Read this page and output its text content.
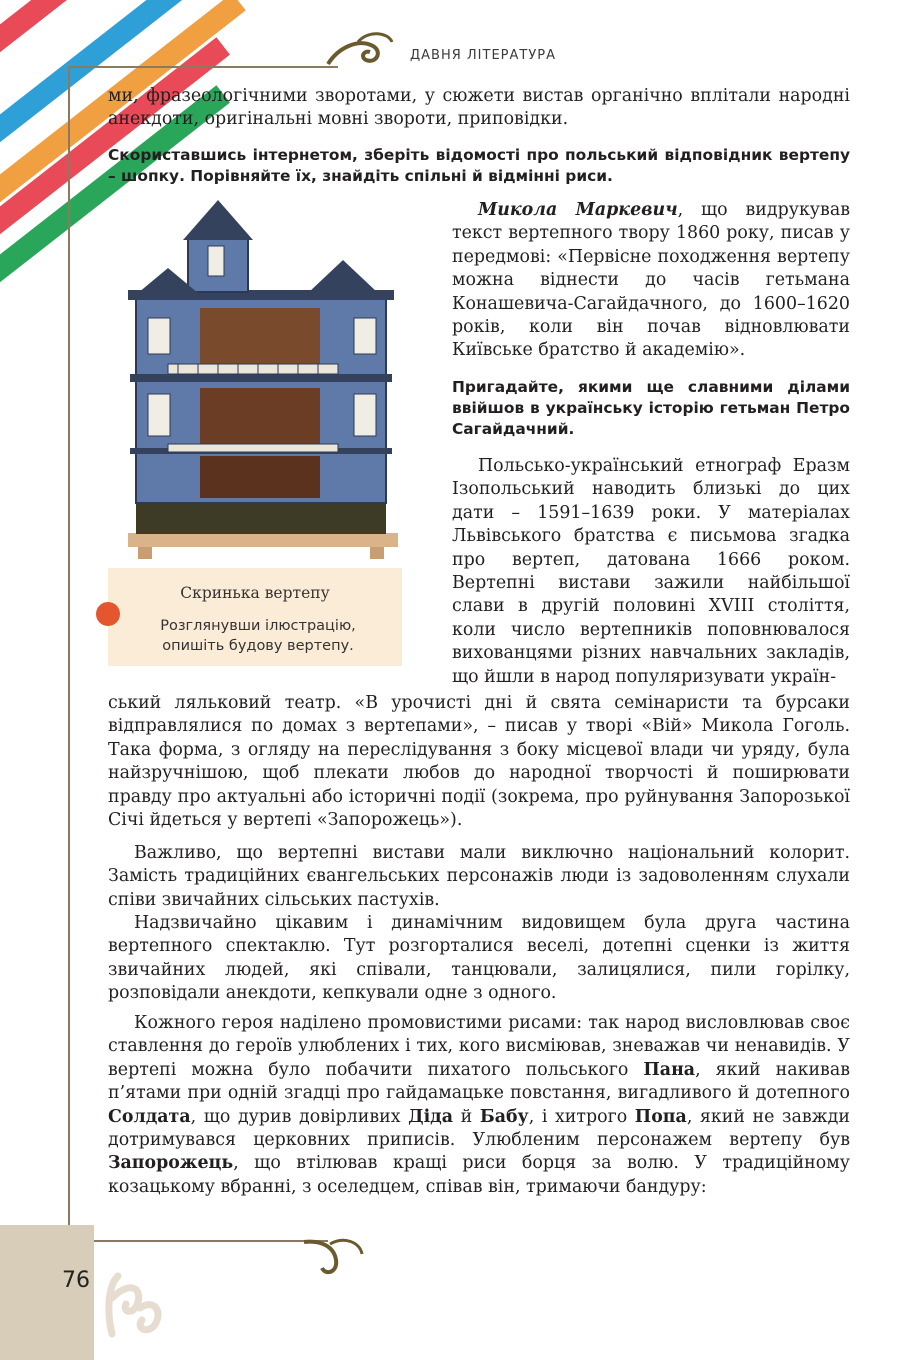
ДАВНЯ ЛІТЕРАТУРА
76

ми, фразеологічними зворотами, у сюжети вистав органічно вплітали народні анекдоти, оригінальні мовні звороти, приповідки.

Скориставшись інтернетом, зберіть відомості про польський відповідник вертепу – шопку. Порівняйте їх, знайдіть спільні й відмінні риси.

Скринька вертепу
Розглянувши ілюстрацію, опишіть будову вертепу.

Микола Маркевич, що видрукував текст вертепного твору 1860 року, писав у передмові: «Первісне походження вертепу можна віднести до часів гетьмана Конашевича-Сагайдачного, до 1600–1620 років, коли він почав відновлювати Київське братство й академію».

Пригадайте, якими ще славними ділами ввійшов в українську історію гетьман Петро Сагайдачний.

Польсько-український етнограф Еразм Ізопольський наводить близькі до цих дати – 1591–1639 роки. У матеріалах Львівського братства є письмова згадка про вертеп, датована 1666 роком. Вертепні вистави зажили найбільшої слави в другій половині XVIII століття, коли число вертепників поповнювалося вихованцями різних навчальних закладів, що йшли в народ популяризувати україн-

ський ляльковий театр. «В урочисті дні й свята семінаристи та бурсаки відправлялися по домах з вертепами», – писав у творі «Вій» Микола Гоголь. Така форма, з огляду на переслідування з боку місцевої влади чи уряду, була найзручнішою, щоб плекати любов до народної творчості й поширювати правду про актуальні або історичні події (зокрема, про руйнування Запорозької Січі йдеться у вертепі «Запорожець»).

Важливо, що вертепні вистави мали виключно національний колорит. Замість традиційних євангельських персонажів люди із задоволенням слухали співи звичайних сільських пастухів.

Надзвичайно цікавим і динамічним видовищем була друга частина вертепного спектаклю. Тут розгорталися веселі, дотепні сценки із життя звичайних людей, які співали, танцювали, залицялися, пили горілку, розповідали анекдоти, кепкували одне з одного.

Кожного героя наділено промовистими рисами: так народ висловлював своє ставлення до героїв улюблених і тих, кого висміював, зневажав чи ненавидів. У вертепі можна було побачити пихатого польського Пана, який накивав п’ятами при одній згадці про гайдамацьке повстання, вигадливого й дотепного Солдата, що дурив довірливих Діда й Бабу, і хитрого Попа, який не завжди дотримувався церковних приписів. Улюбленим персонажем вертепу був Запорожець, що втілював кращі риси борця за волю. У традиційному козацькому вбранні, з оселедцем, співав він, тримаючи бандуру:
